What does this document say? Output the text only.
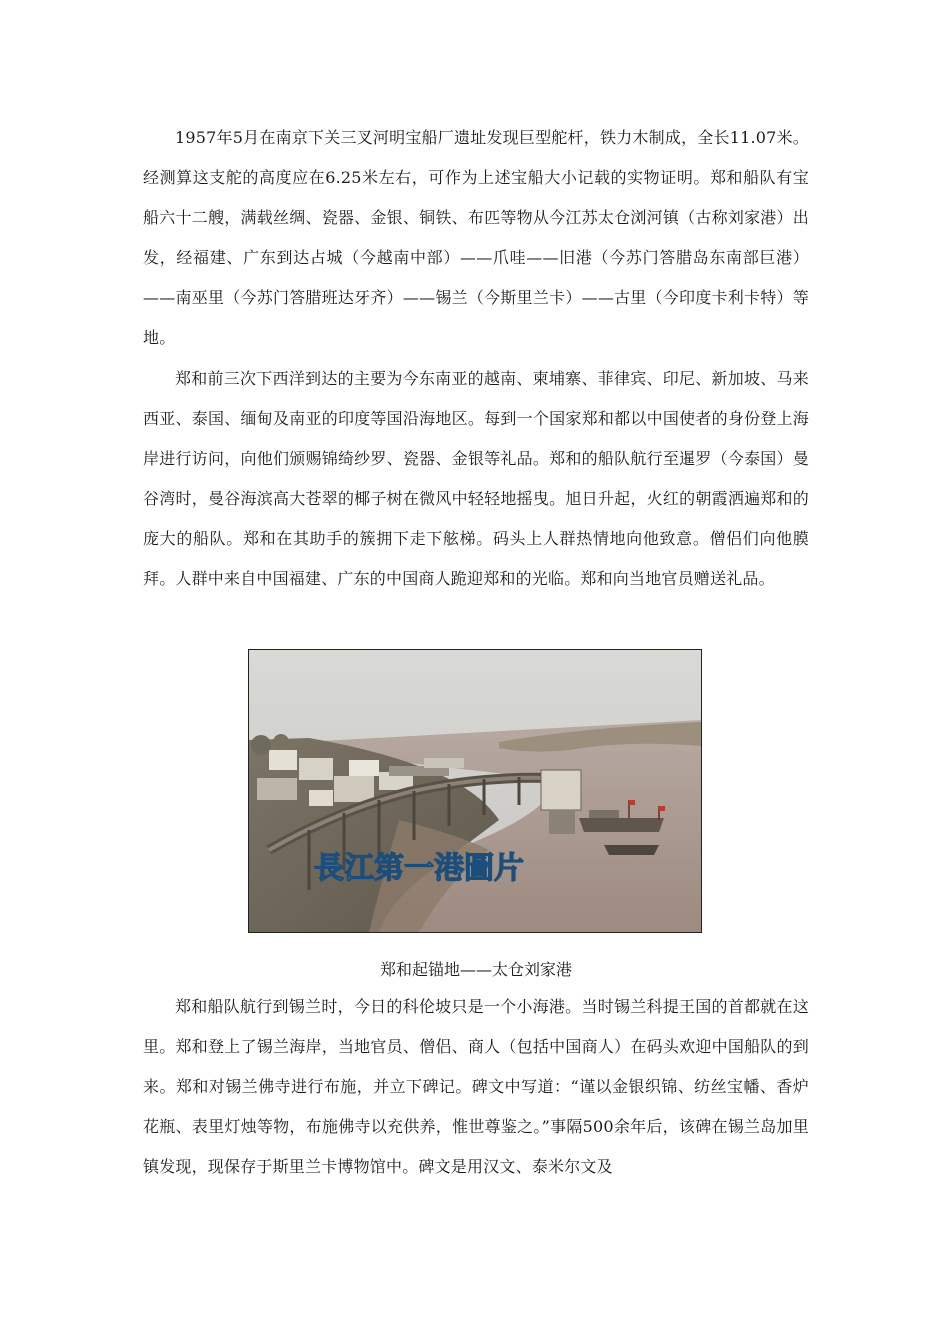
1957年5月在南京下关三叉河明宝船厂遗址发现巨型舵杆，铁力木制成，全长11.07米。经测算这支舵的高度应在6.25米左右，可作为上述宝船大小记载的实物证明。郑和船队有宝船六十二艘，满载丝绸、瓷器、金银、铜铁、布匹等物从今江苏太仓浏河镇（古称刘家港）出发，经福建、广东到达占城（今越南中部）——爪哇——旧港（今苏门答腊岛东南部巨港）——南巫里（今苏门答腊班达牙齐）——锡兰（今斯里兰卡）——古里（今印度卡利卡特）等地。

郑和前三次下西洋到达的主要为今东南亚的越南、柬埔寨、菲律宾、印尼、新加坡、马来西亚、泰国、缅甸及南亚的印度等国沿海地区。每到一个国家郑和都以中国使者的身份登上海岸进行访问，向他们颁赐锦绮纱罗、瓷器、金银等礼品。郑和的船队航行至暹罗（今泰国）曼谷湾时，曼谷海滨高大苍翠的椰子树在微风中轻轻地摇曳。旭日升起，火红的朝霞洒遍郑和的庞大的船队。郑和在其助手的簇拥下走下舷梯。码头上人群热情地向他致意。僧侣们向他膜拜。人群中来自中国福建、广东的中国商人跪迎郑和的光临。郑和向当地官员赠送礼品。

長江第一港圖片

郑和起锚地——太仓刘家港

郑和船队航行到锡兰时，今日的科伦坡只是一个小海港。当时锡兰科提王国的首都就在这里。郑和登上了锡兰海岸，当地官员、僧侣、商人（包括中国商人）在码头欢迎中国船队的到来。郑和对锡兰佛寺进行布施，并立下碑记。碑文中写道：“谨以金银织锦、纺丝宝幡、香炉花瓶、表里灯烛等物，布施佛寺以充供养，惟世尊鉴之。”事隔500余年后，该碑在锡兰岛加里镇发现，现保存于斯里兰卡博物馆中。碑文是用汉文、泰米尔文及
